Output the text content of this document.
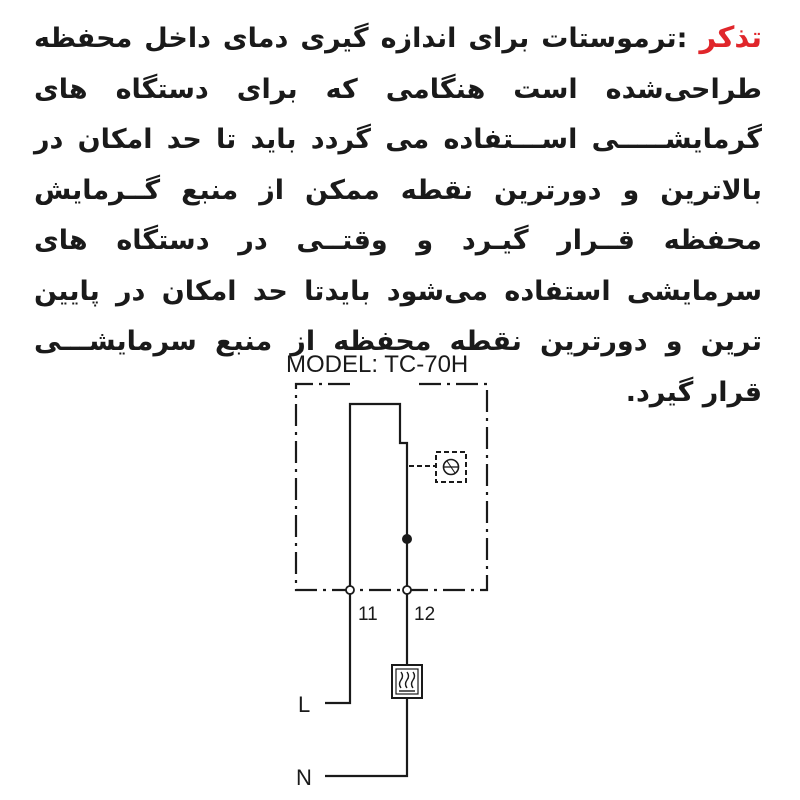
تذکر :ترموستات برای اندازه گیری دمای داخل محفظه طراحی‌شده است هنگامی که برای دستگاه های گرمایشـــــی اســـتفاده می گردد باید تا حد امکان در بالاترین و دورترین نقطه ممکن از منبع گــرمایش محفظه قــرار گیـرد و وقتــی در دستگاه های سرمایشی استفاده می‌شود بایدتا حد امکان در پایین ترین و دورترین نقطه محفظه از منبع سرمایشـــی قرار گیرد.
MODEL: TC-70H
11 12
L
N
